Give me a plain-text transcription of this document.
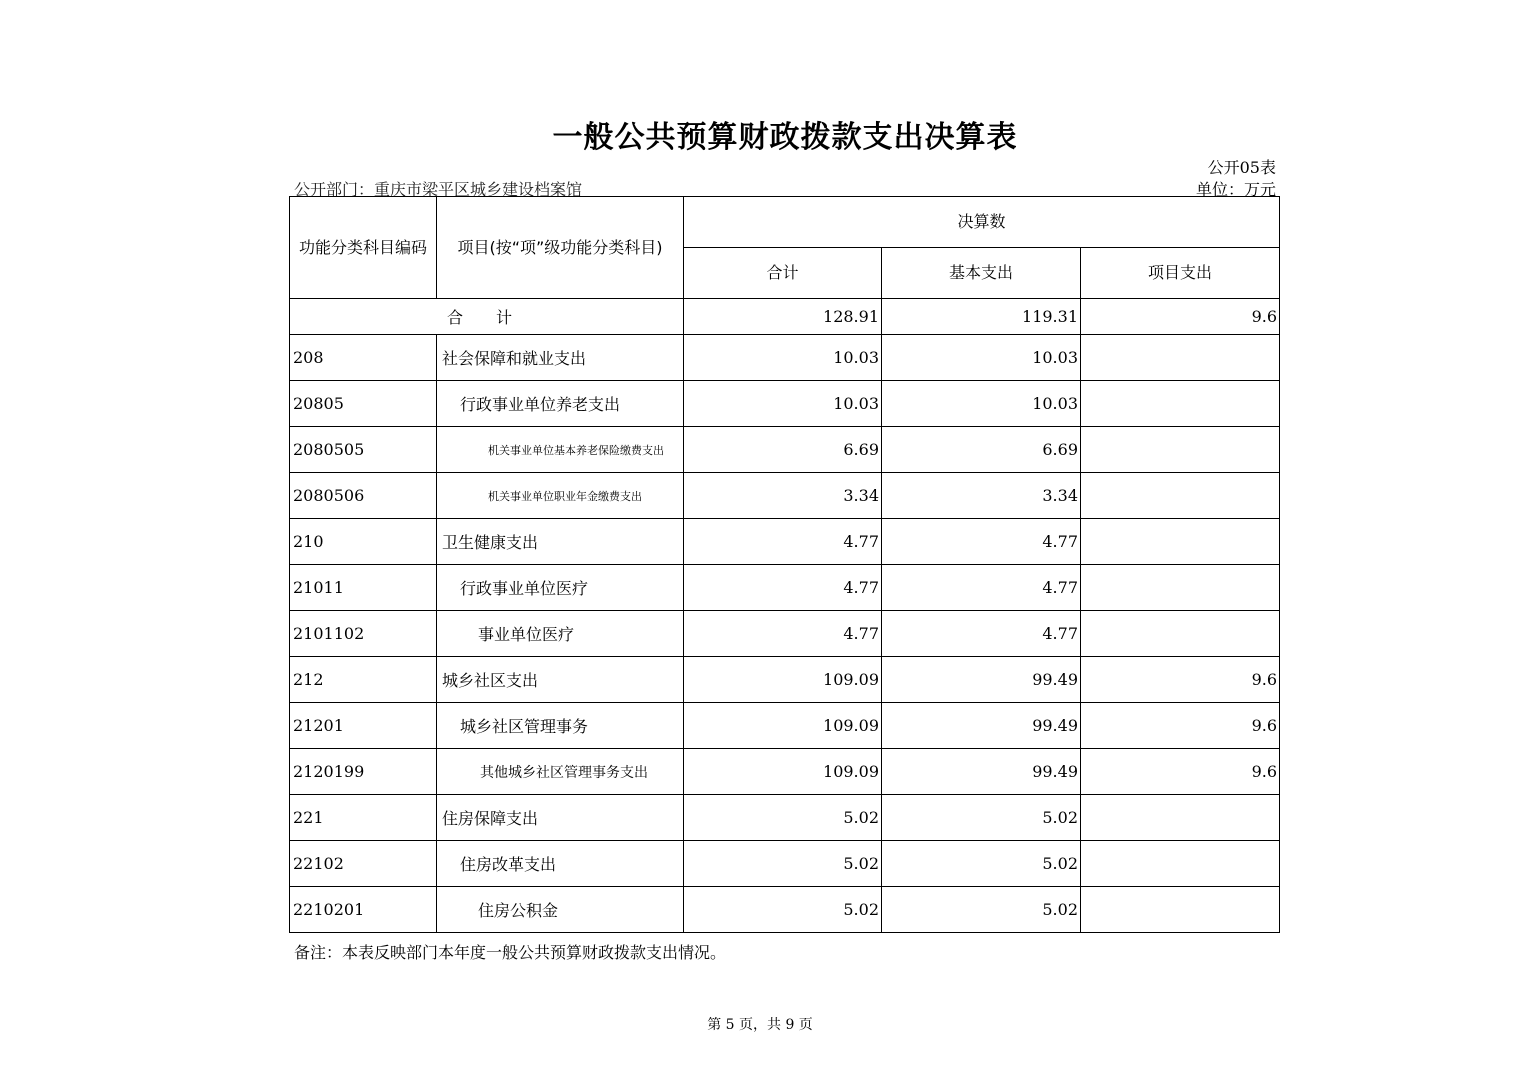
一般公共预算财政拨款支出决算表
公开05表
公开部门：重庆市梁平区城乡建设档案馆	单位：万元
功能分类科目编码	项目(按“项”级功能分类科目)	决算数		
		合计	基本支出	项目支出
合 计		128.91	119.31	9.6
208	社会保障和就业支出	10.03	10.03	
20805	行政事业单位养老支出	10.03	10.03	
2080505	机关事业单位基本养老保险缴费支出	6.69	6.69	
2080506	机关事业单位职业年金缴费支出	3.34	3.34	
210	卫生健康支出	4.77	4.77	
21011	行政事业单位医疗	4.77	4.77	
2101102	事业单位医疗	4.77	4.77	
212	城乡社区支出	109.09	99.49	9.6
21201	城乡社区管理事务	109.09	99.49	9.6
2120199	其他城乡社区管理事务支出	109.09	99.49	9.6
221	住房保障支出	5.02	5.02	
22102	住房改革支出	5.02	5.02	
2210201	住房公积金	5.02	5.02	
备注：本表反映部门本年度一般公共预算财政拨款支出情况。
第 5 页，共 9 页
